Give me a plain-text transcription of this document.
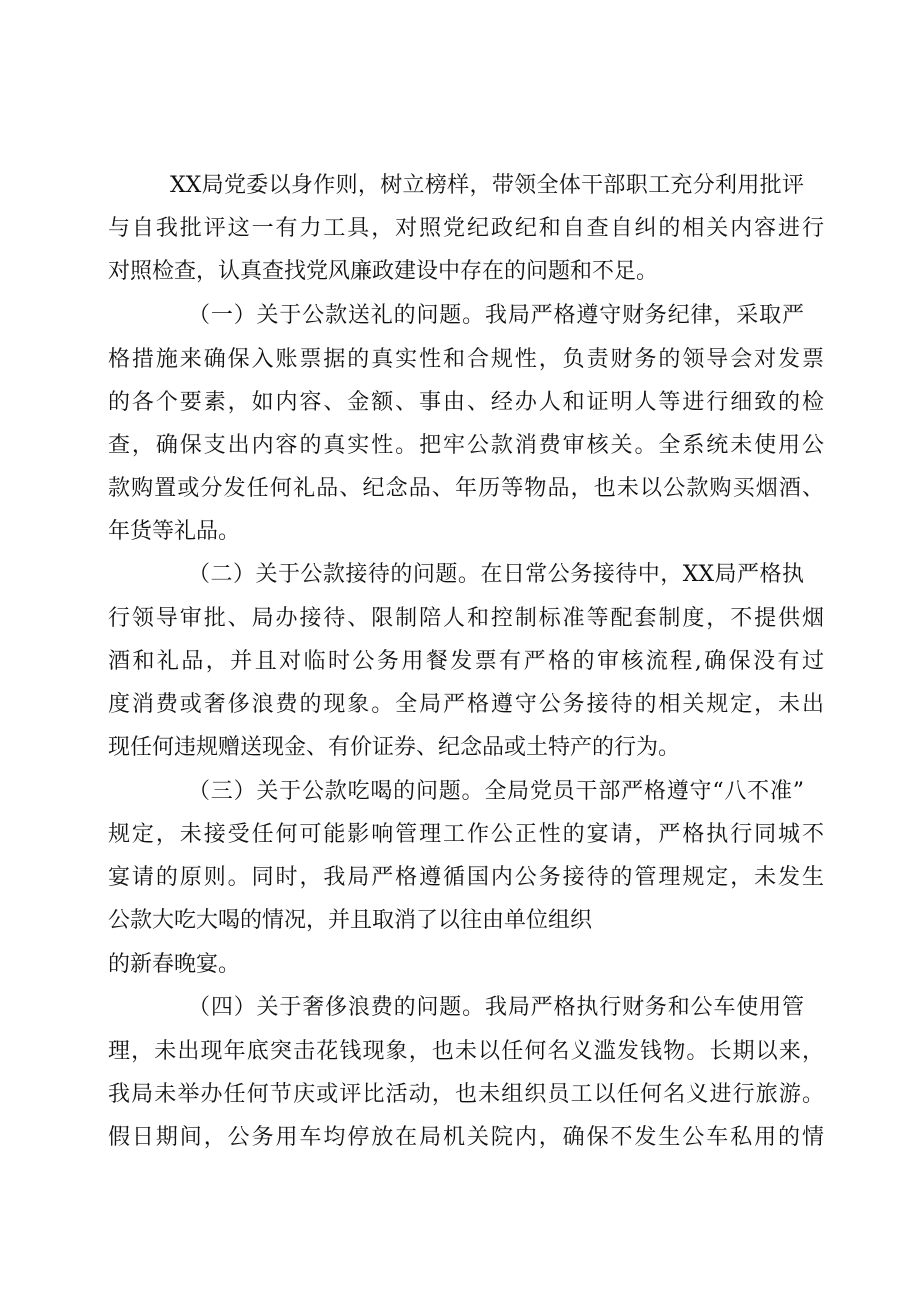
XX局党委以身作则，树立榜样，带领全体干部职工充分利用批评

与自我批评这一有力工具，对照党纪政纪和自查自纠的相关内容进行

对照检查，认真查找党风廉政建设中存在的问题和不足。

（一）关于公款送礼的问题。我局严格遵守财务纪律，采取严

格措施来确保入账票据的真实性和合规性，负责财务的领导会对发票

的各个要素，如内容、金额、事由、经办人和证明人等进行细致的检

查，确保支出内容的真实性。把牢公款消费审核关。全系统未使用公

款购置或分发任何礼品、纪念品、年历等物品，也未以公款购买烟酒、

年货等礼品。

（二）关于公款接待的问题。在日常公务接待中，XX局严格执

行领导审批、局办接待、限制陪人和控制标准等配套制度，不提供烟

酒和礼品，并且对临时公务用餐发票有严格的审核流程,确保没有过

度消费或奢侈浪费的现象。全局严格遵守公务接待的相关规定，未出

现任何违规赠送现金、有价证券、纪念品或土特产的行为。

（三）关于公款吃喝的问题。全局党员干部严格遵守“八不准”

规定，未接受任何可能影响管理工作公正性的宴请，严格执行同城不

宴请的原则。同时，我局严格遵循国内公务接待的管理规定，未发生

公款大吃大喝的情况，并且取消了以往由单位组织

的新春晚宴。

（四）关于奢侈浪费的问题。我局严格执行财务和公车使用管

理，未出现年底突击花钱现象，也未以任何名义滥发钱物。长期以来，

我局未举办任何节庆或评比活动，也未组织员工以任何名义进行旅游。

假日期间，公务用车均停放在局机关院内，确保不发生公车私用的情
